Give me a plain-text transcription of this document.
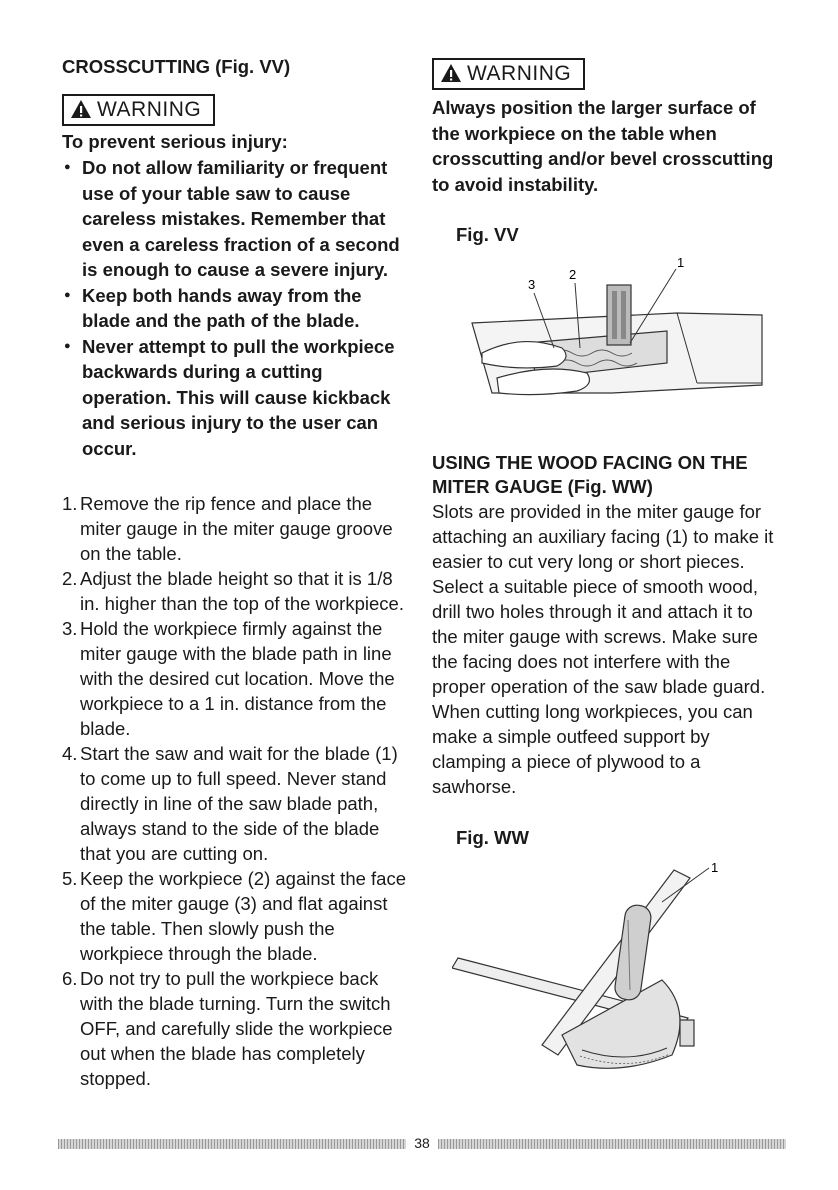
CROSSCUTTING (Fig. VV)
WARNING
To prevent serious injury:
● Do not allow familiarity or frequent use of your table saw to cause careless mistakes. Remember that even a careless fraction of a second is enough to cause a severe injury.
● Keep both hands away from the blade and the path of the blade.
● Never attempt to pull the workpiece backwards during a cutting operation. This will cause kickback and serious injury to the user can occur.
1. Remove the rip fence and place the miter gauge in the miter gauge groove on the table.
2. Adjust the blade height so that it is 1/8 in. higher than the top of the workpiece.
3. Hold the workpiece firmly against the miter gauge with the blade path in line with the desired cut location. Move the workpiece to a 1 in. distance from the blade.
4. Start the saw and wait for the blade (1) to come up to full speed. Never stand directly in line of the saw blade path, always stand to the side of the blade that you are cutting on.
5. Keep the workpiece (2) against the face of the miter gauge (3) and flat against the table. Then slowly push the workpiece through the blade.
6. Do not try to pull the workpiece back with the blade turning. Turn the switch OFF, and carefully slide the workpiece out when the blade has completely stopped.
WARNING
Always position the larger surface of the workpiece on the table when crosscutting and/or bevel crosscutting to avoid instability.
Fig. VV
3
2
1
USING THE WOOD FACING ON THE MITER GAUGE (Fig. WW)
Slots are provided in the miter gauge for attaching an auxiliary facing (1) to make it easier to cut very long or short pieces. Select a suitable piece of smooth wood, drill two holes through it and attach it to the miter gauge with screws. Make sure the facing does not interfere with the proper operation of the saw blade guard. When cutting long workpieces, you can make a simple outfeed support by clamping a piece of plywood to a sawhorse.
Fig. WW
1
38
